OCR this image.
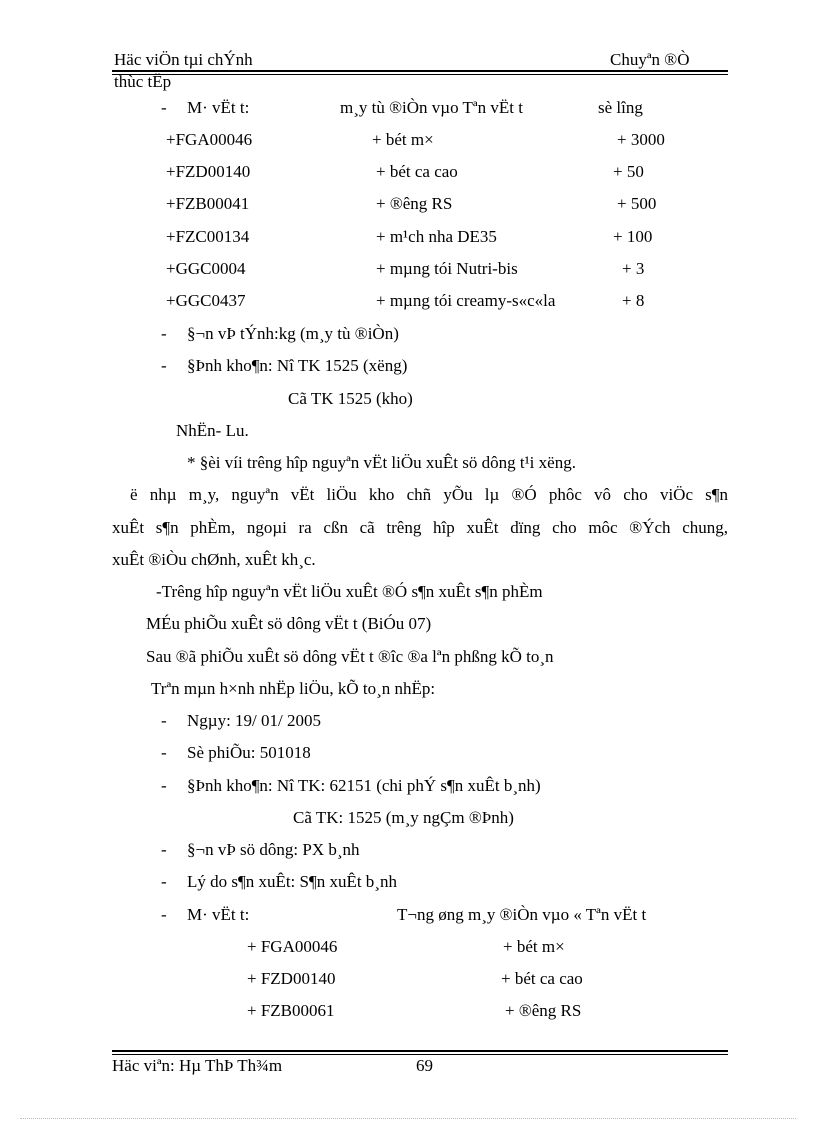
Häc viÖn tµi chÝnh	Chuyªn ®Ò
thùc tËp
- M· vËt t:	m¸y tù ®iÒn vµo Tªn vËt t	sè lîng
+FGA00046	+ bét m×	+ 3000
+FZD00140	+ bét ca cao	+ 50
+FZB00041	+ ®êng RS	+ 500
+FZC00134	+ m¹ch nha DE35	+ 100
+GGC0004	+ mµng tói Nutri-bis	+ 3
+GGC0437	+ mµng tói creamy-s«c«la	+ 8
- §¬n vÞ tÝnh:kg (m¸y tù ®iÒn)
- §Þnh kho¶n: Nî TK 1525 (xëng)
Cã TK 1525 (kho)
NhËn- Lu.
* §èi víi trêng hîp nguyªn vËt liÖu xuÊt sö dông t¹i xëng.
ë nhµ m¸y, nguyªn vËt liÖu kho chñ yÕu lµ ®Ó phôc vô cho viÖc s¶n
xuÊt s¶n phÈm, ngoµi ra cßn cã trêng hîp xuÊt dïng cho môc ®Ých chung,
xuÊt ®iÒu chØnh, xuÊt kh¸c.
-Trêng hîp nguyªn vËt liÖu xuÊt ®Ó s¶n xuÊt s¶n phÈm
MÉu phiÕu xuÊt sö dông vËt t (BiÓu 07)
Sau ®ã phiÕu xuÊt sö dông vËt t ®îc ®a lªn phßng kÕ to¸n
Trªn mµn h×nh nhËp liÖu, kÕ to¸n nhËp:
- Ngµy: 19/ 01/ 2005
- Sè phiÕu: 501018
- §Þnh kho¶n: Nî TK: 62151 (chi phÝ s¶n xuÊt b¸nh)
Cã TK: 1525 (m¸y ngÇm ®Þnh)
- §¬n vÞ sö dông: PX b¸nh
- Lý do s¶n xuÊt: S¶n xuÊt b¸nh
- M· vËt t:	T¬ng øng m¸y ®iÒn vµo « Tªn vËt t
+ FGA00046	+ bét m×
+ FZD00140	+ bét ca cao
+ FZB00061	+ ®êng RS
Häc viªn: Hµ ThÞ Th¾m	69
